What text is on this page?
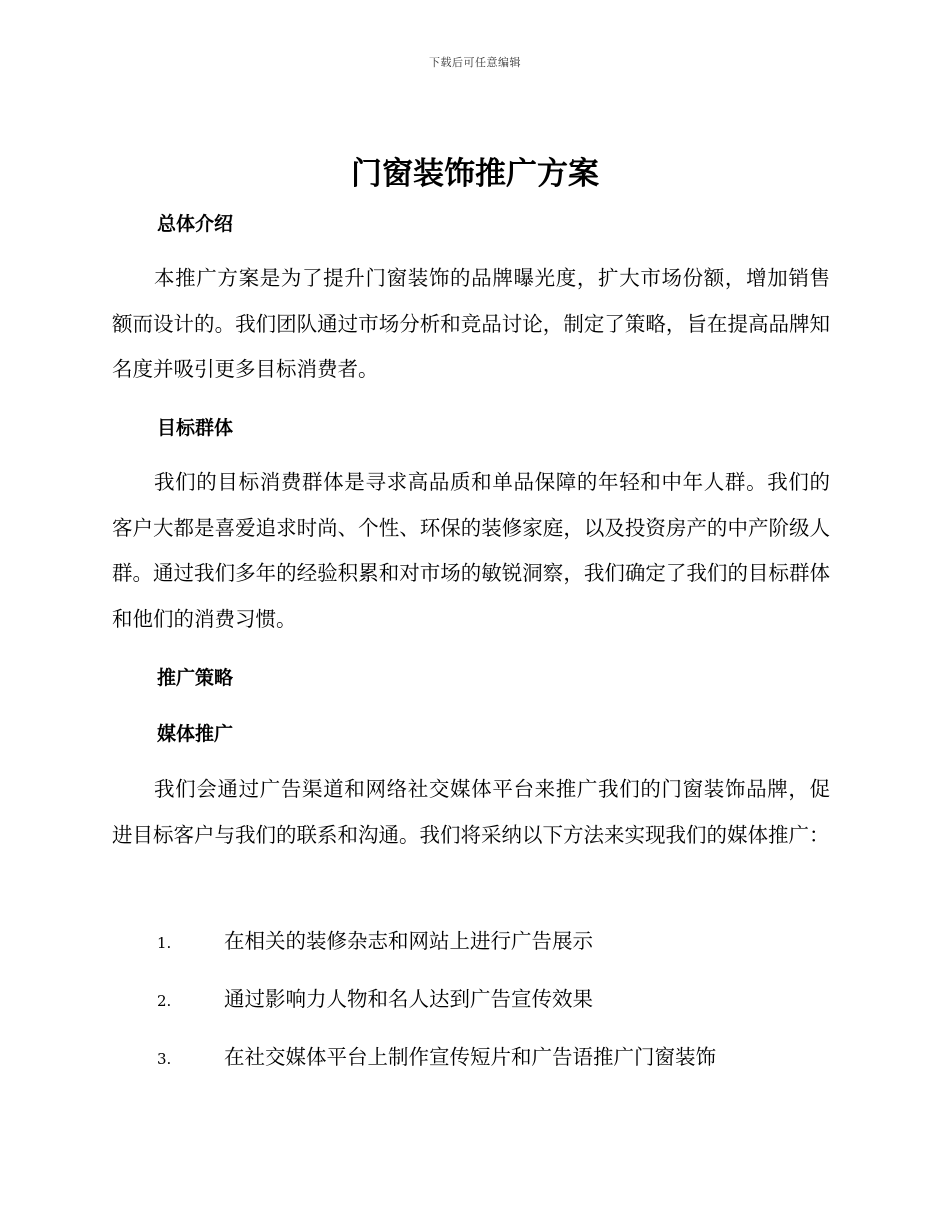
下载后可任意编辑
门窗装饰推广方案
总体介绍

本推广方案是为了提升门窗装饰的品牌曝光度，扩大市场份额，增加销售额而设计的。我们团队通过市场分析和竞品讨论，制定了策略，旨在提高品牌知名度并吸引更多目标消费者。

目标群体

我们的目标消费群体是寻求高品质和单品保障的年轻和中年人群。我们的客户大都是喜爱追求时尚、个性、环保的装修家庭，以及投资房产的中产阶级人群。通过我们多年的经验积累和对市场的敏锐洞察，我们确定了我们的目标群体和他们的消费习惯。

推广策略
媒体推广

我们会通过广告渠道和网络社交媒体平台来推广我们的门窗装饰品牌，促进目标客户与我们的联系和沟通。我们将采纳以下方法来实现我们的媒体推广：

1.	在相关的装修杂志和网站上进行广告展示
2.	通过影响力人物和名人达到广告宣传效果
3.	在社交媒体平台上制作宣传短片和广告语推广门窗装饰
